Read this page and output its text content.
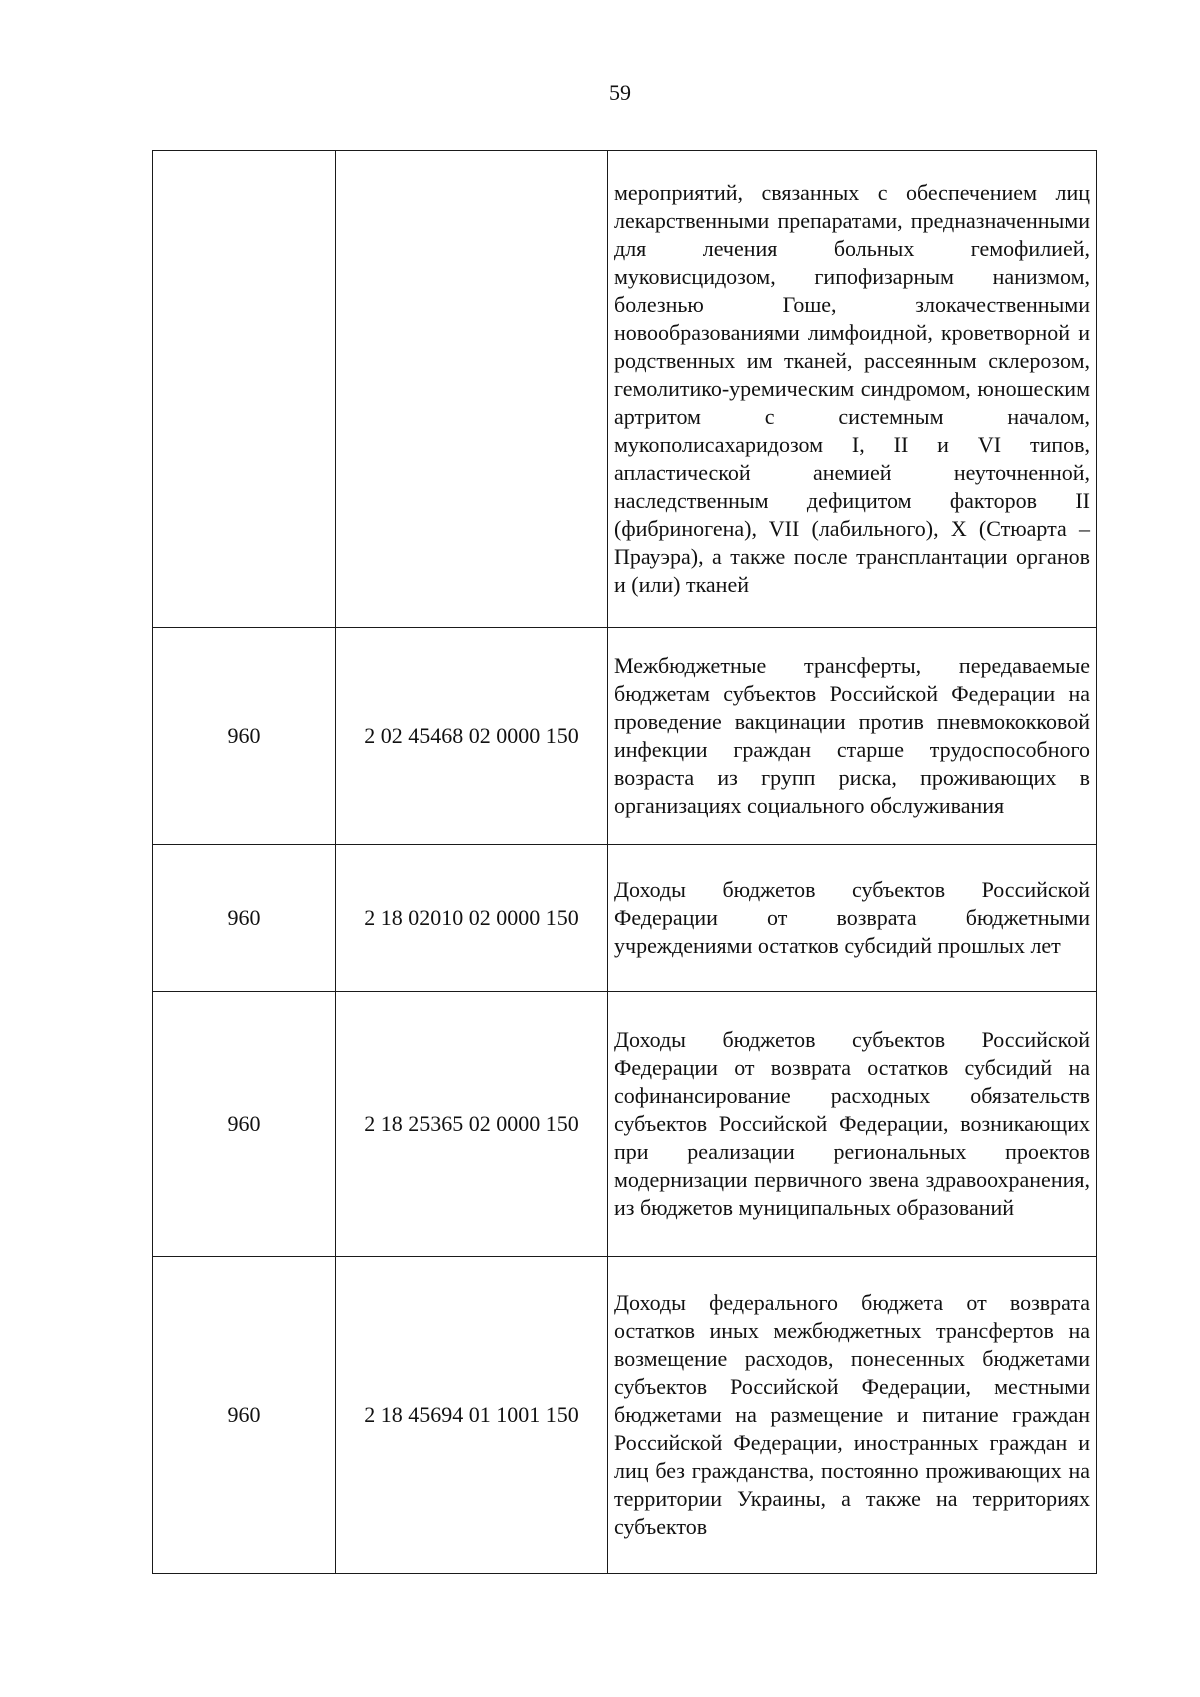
59
		мероприятий, связанных с обеспечением лиц лекарственными препаратами, предназначенными для лечения больных гемофилией, муковисцидозом, гипофизарным нанизмом, болезнью Гоше, злокачественными новообразованиями лимфоидной, кроветворной и родственных им тканей, рассеянным склерозом, гемолитико-уремическим синдромом, юношеским артритом с системным началом, мукополисахаридозом I, II и VI типов, апластической анемией неуточненной, наследственным дефицитом факторов II (фибриногена), VII (лабильного), X (Стюарта – Прауэра), а также после трансплантации органов и (или) тканей
960	2 02 45468 02 0000 150	Межбюджетные трансферты, передаваемые бюджетам субъектов Российской Федерации на проведение вакцинации против пневмококковой инфекции граждан старше трудоспособного возраста из групп риска, проживающих в организациях социального обслуживания
960	2 18 02010 02 0000 150	Доходы бюджетов субъектов Российской Федерации от возврата бюджетными учреждениями остатков субсидий прошлых лет
960	2 18 25365 02 0000 150	Доходы бюджетов субъектов Российской Федерации от возврата остатков субсидий на софинансирование расходных обязательств субъектов Российской Федерации, возникающих при реализации региональных проектов модернизации первичного звена здравоохранения, из бюджетов муниципальных образований
960	2 18 45694 01 1001 150	Доходы федерального бюджета от возврата остатков иных межбюджетных трансфертов на возмещение расходов, понесенных бюджетами субъектов Российской Федерации, местными бюджетами на размещение и питание граждан Российской Федерации, иностранных граждан и лиц без гражданства, постоянно проживающих на территории Украины, а также на территориях субъектов
